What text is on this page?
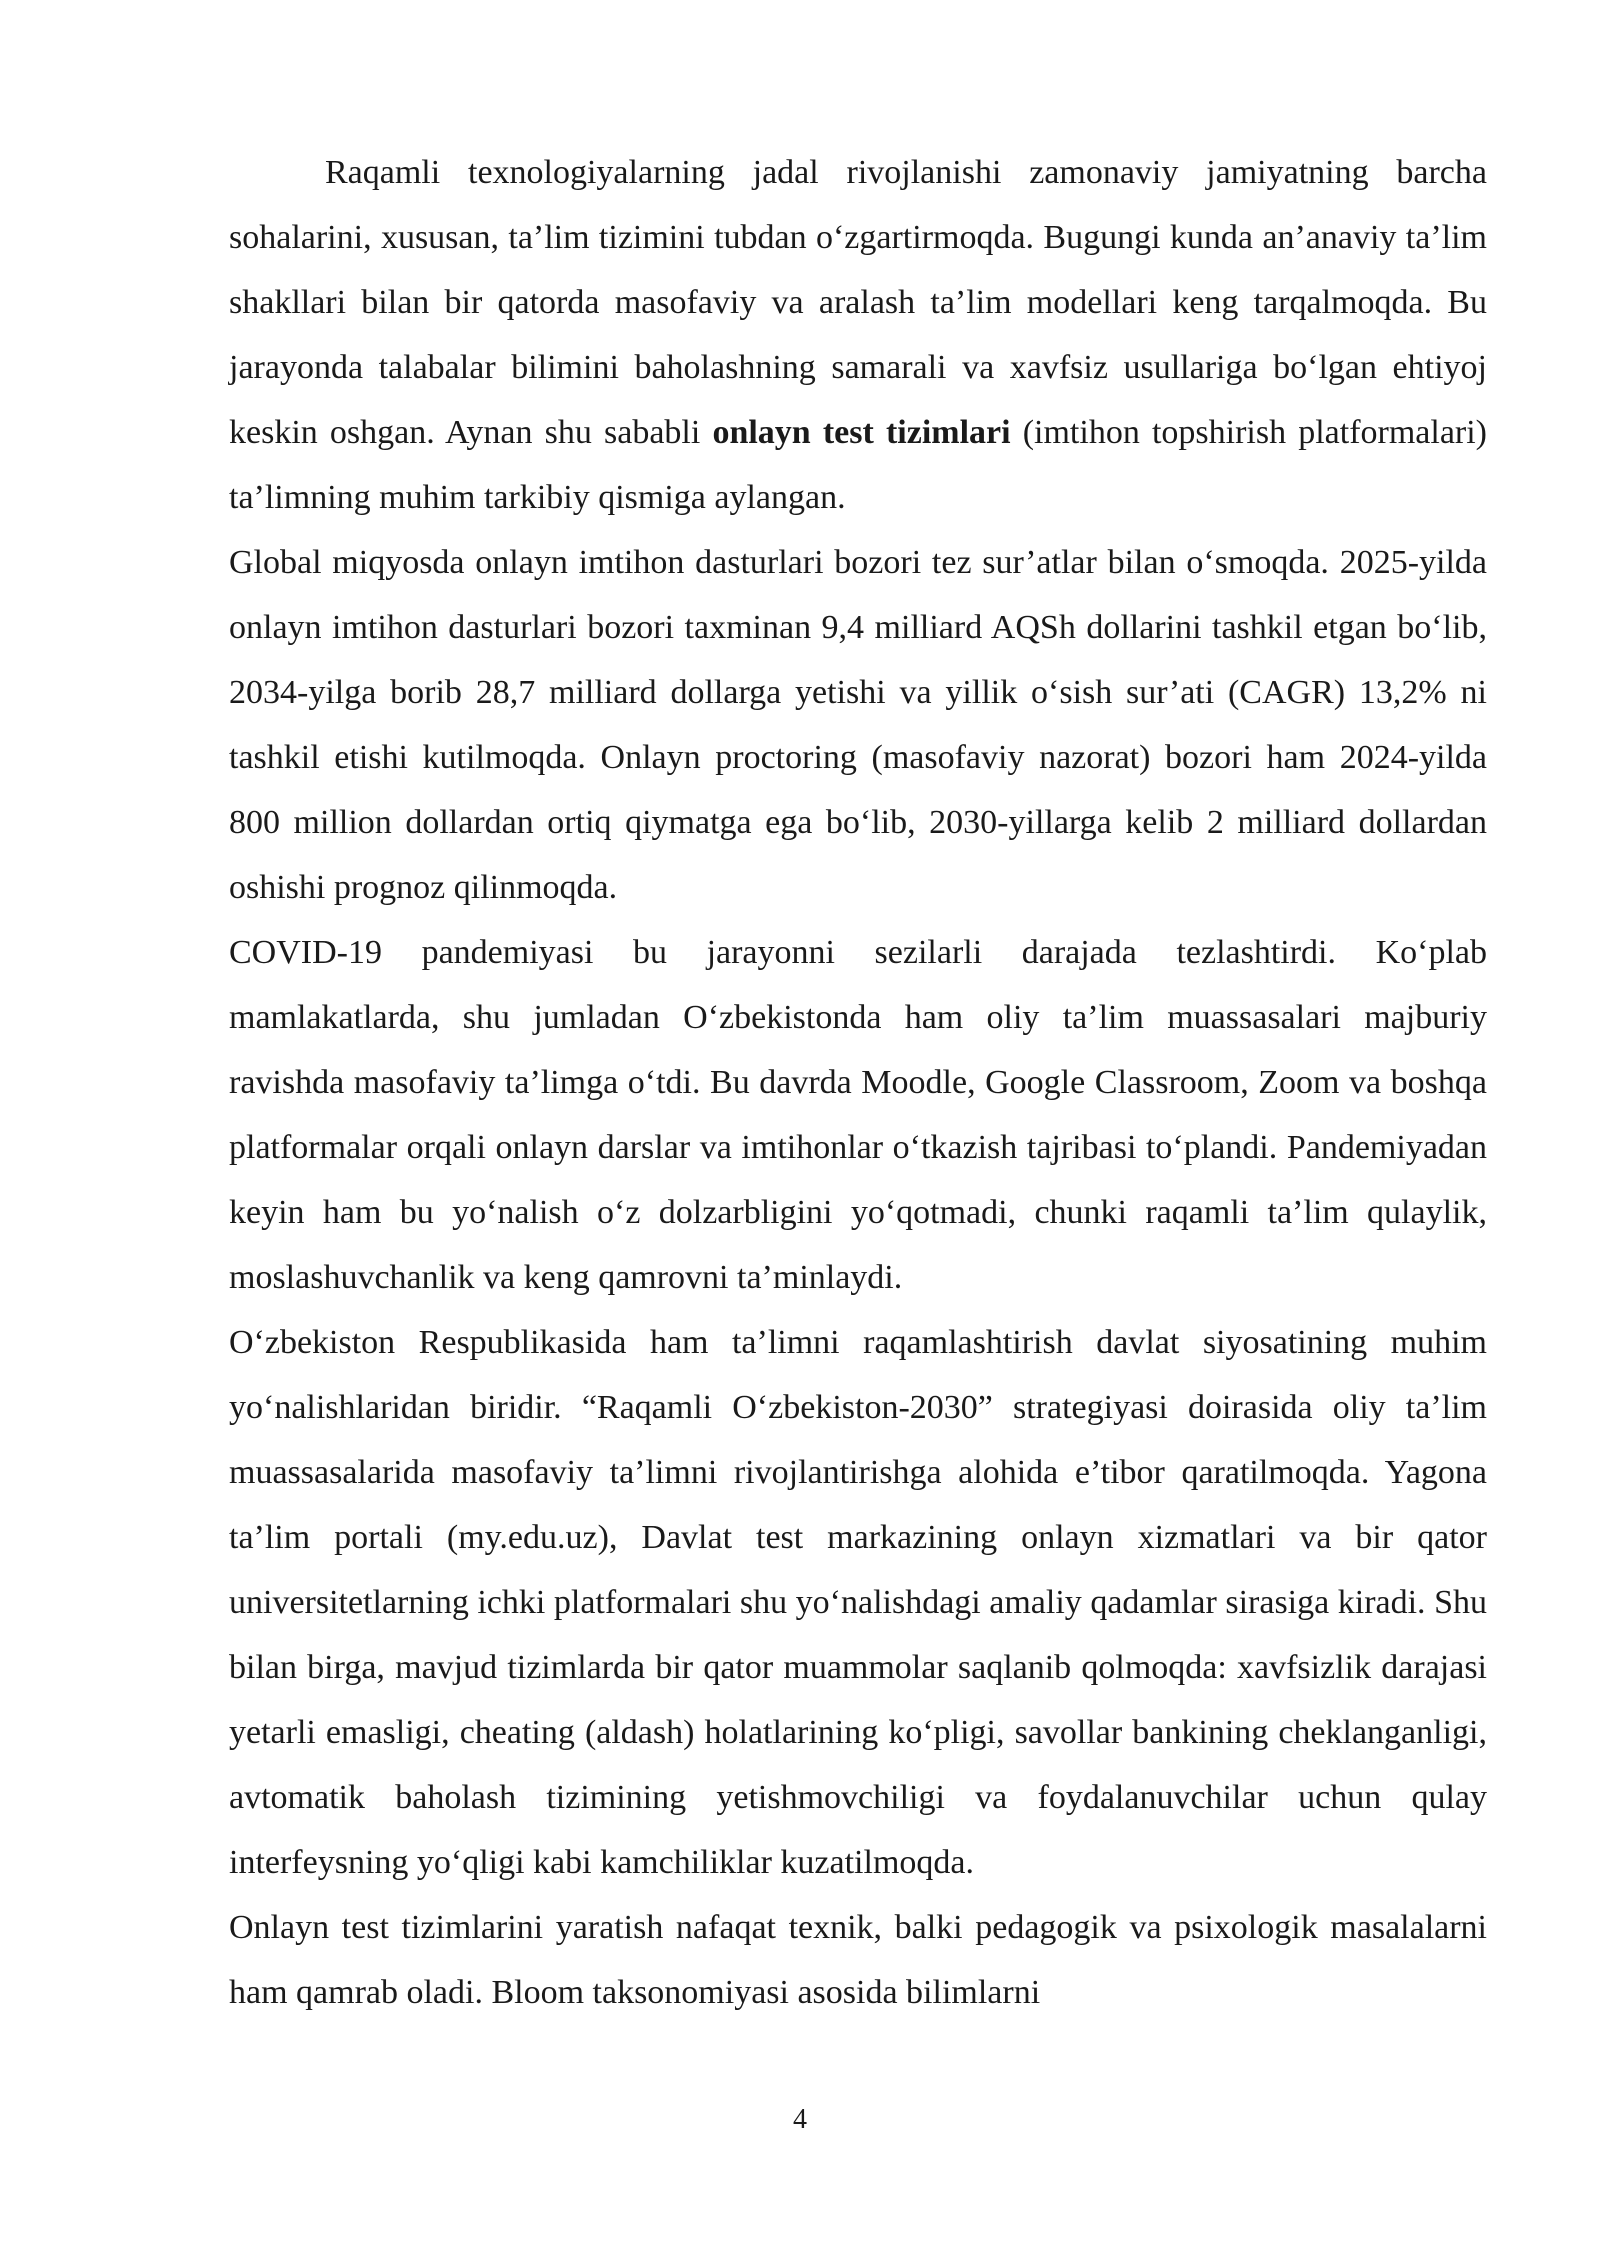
Raqamli texnologiyalarning jadal rivojlanishi zamonaviy jamiyatning barcha sohalarini, xususan, ta’lim tizimini tubdan o‘zgartirmoqda. Bugungi kunda an’anaviy ta’lim shakllari bilan bir qatorda masofaviy va aralash ta’lim modellari keng tarqalmoqda. Bu jarayonda talabalar bilimini baholashning samarali va xavfsiz usullariga bo‘lgan ehtiyoj keskin oshgan. Aynan shu sababli onlayn test tizimlari (imtihon topshirish platformalari) ta’limning muhim tarkibiy qismiga aylangan.

Global miqyosda onlayn imtihon dasturlari bozori tez sur’atlar bilan o‘smoqda. 2025-yilda onlayn imtihon dasturlari bozori taxminan 9,4 milliard AQSh dollarini tashkil etgan bo‘lib, 2034-yilga borib 28,7 milliard dollarga yetishi va yillik o‘sish sur’ati (CAGR) 13,2% ni tashkil etishi kutilmoqda. Onlayn proctoring (masofaviy nazorat) bozori ham 2024-yilda 800 million dollardan ortiq qiymatga ega bo‘lib, 2030-yillarga kelib 2 milliard dollardan oshishi prognoz qilinmoqda.

COVID-19 pandemiyasi bu jarayonni sezilarli darajada tezlashtirdi. Ko‘plab mamlakatlarda, shu jumladan O‘zbekistonda ham oliy ta’lim muassasalari majburiy ravishda masofaviy ta’limga o‘tdi. Bu davrda Moodle, Google Classroom, Zoom va boshqa platformalar orqali onlayn darslar va imtihonlar o‘tkazish tajribasi to‘plandi. Pandemiyadan keyin ham bu yo‘nalish o‘z dolzarbligini yo‘qotmadi, chunki raqamli ta’lim qulaylik, moslashuvchanlik va keng qamrovni ta’minlaydi.

O‘zbekiston Respublikasida ham ta’limni raqamlashtirish davlat siyosatining muhim yo‘nalishlaridan biridir. “Raqamli O‘zbekiston-2030” strategiyasi doirasida oliy ta’lim muassasalarida masofaviy ta’limni rivojlantirishga alohida e’tibor qaratilmoqda. Yagona ta’lim portali (my.edu.uz), Davlat test markazining onlayn xizmatlari va bir qator universitetlarning ichki platformalari shu yo‘nalishdagi amaliy qadamlar sirasiga kiradi. Shu bilan birga, mavjud tizimlarda bir qator muammolar saqlanib qolmoqda: xavfsizlik darajasi yetarli emasligi, cheating (aldash) holatlarining ko‘pligi, savollar bankining cheklanganligi, avtomatik baholash tizimining yetishmovchiligi va foydalanuvchilar uchun qulay interfeysning yo‘qligi kabi kamchiliklar kuzatilmoqda.

Onlayn test tizimlarini yaratish nafaqat texnik, balki pedagogik va psixologik masalalarni ham qamrab oladi. Bloom taksonomiyasi asosida bilimlarni

4
